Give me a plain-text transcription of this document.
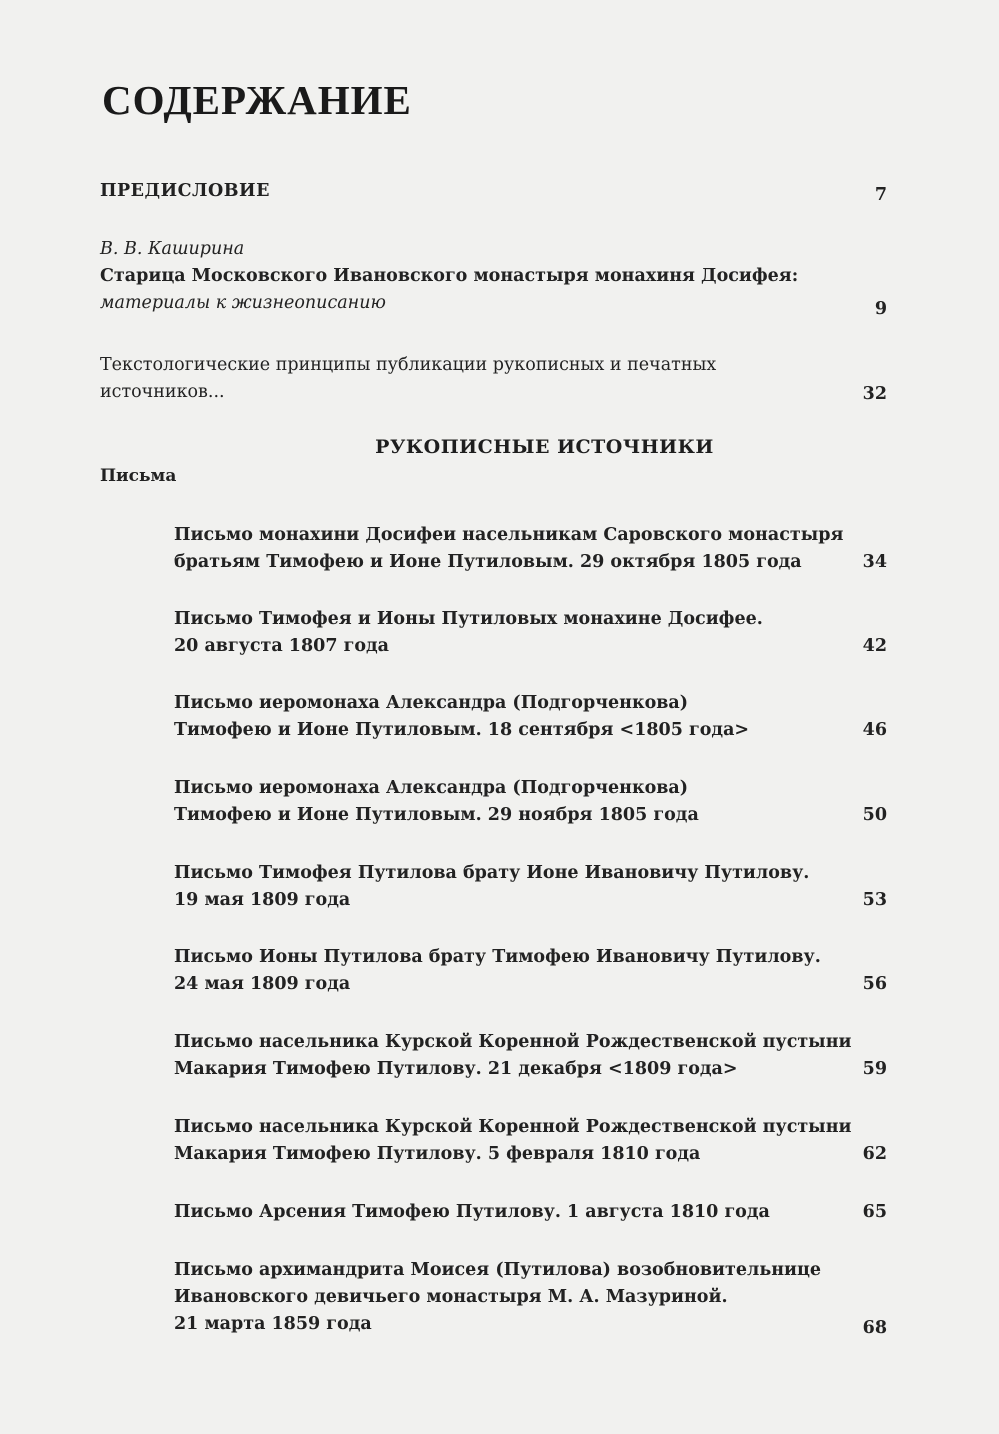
СОДЕРЖАНИЕ
ПРЕДИСЛОВИЕ	7
В. В. Каширина
Старица Московского Ивановского монастыря монахиня Досифея:
материалы к жизнеописанию	9
Текстологические принципы публикации рукописных и печатных
источников...	32
РУКОПИСНЫЕ ИСТОЧНИКИ
Письма
Письмо монахини Досифеи насельникам Саровского монастыря
братьям Тимофею и Ионе Путиловым. 29 октября 1805 года	34
Письмо Тимофея и Ионы Путиловых монахине Досифее.
20 августа 1807 года	42
Письмо иеромонаха Александра (Подгорченкова)
Тимофею и Ионе Путиловым. 18 сентября <1805 года>	46
Письмо иеромонаха Александра (Подгорченкова)
Тимофею и Ионе Путиловым. 29 ноября 1805 года	50
Письмо Тимофея Путилова брату Ионе Ивановичу Путилову.
19 мая 1809 года	53
Письмо Ионы Путилова брату Тимофею Ивановичу Путилову.
24 мая 1809 года	56
Письмо насельника Курской Коренной Рождественской пустыни
Макария Тимофею Путилову. 21 декабря <1809 года>	59
Письмо насельника Курской Коренной Рождественской пустыни
Макария Тимофею Путилову. 5 февраля 1810 года	62
Письмо Арсения Тимофею Путилову. 1 августа 1810 года	65
Письмо архимандрита Моисея (Путилова) возобновительнице
Ивановского девичьего монастыря М. А. Мазуриной.
21 марта 1859 года	68
